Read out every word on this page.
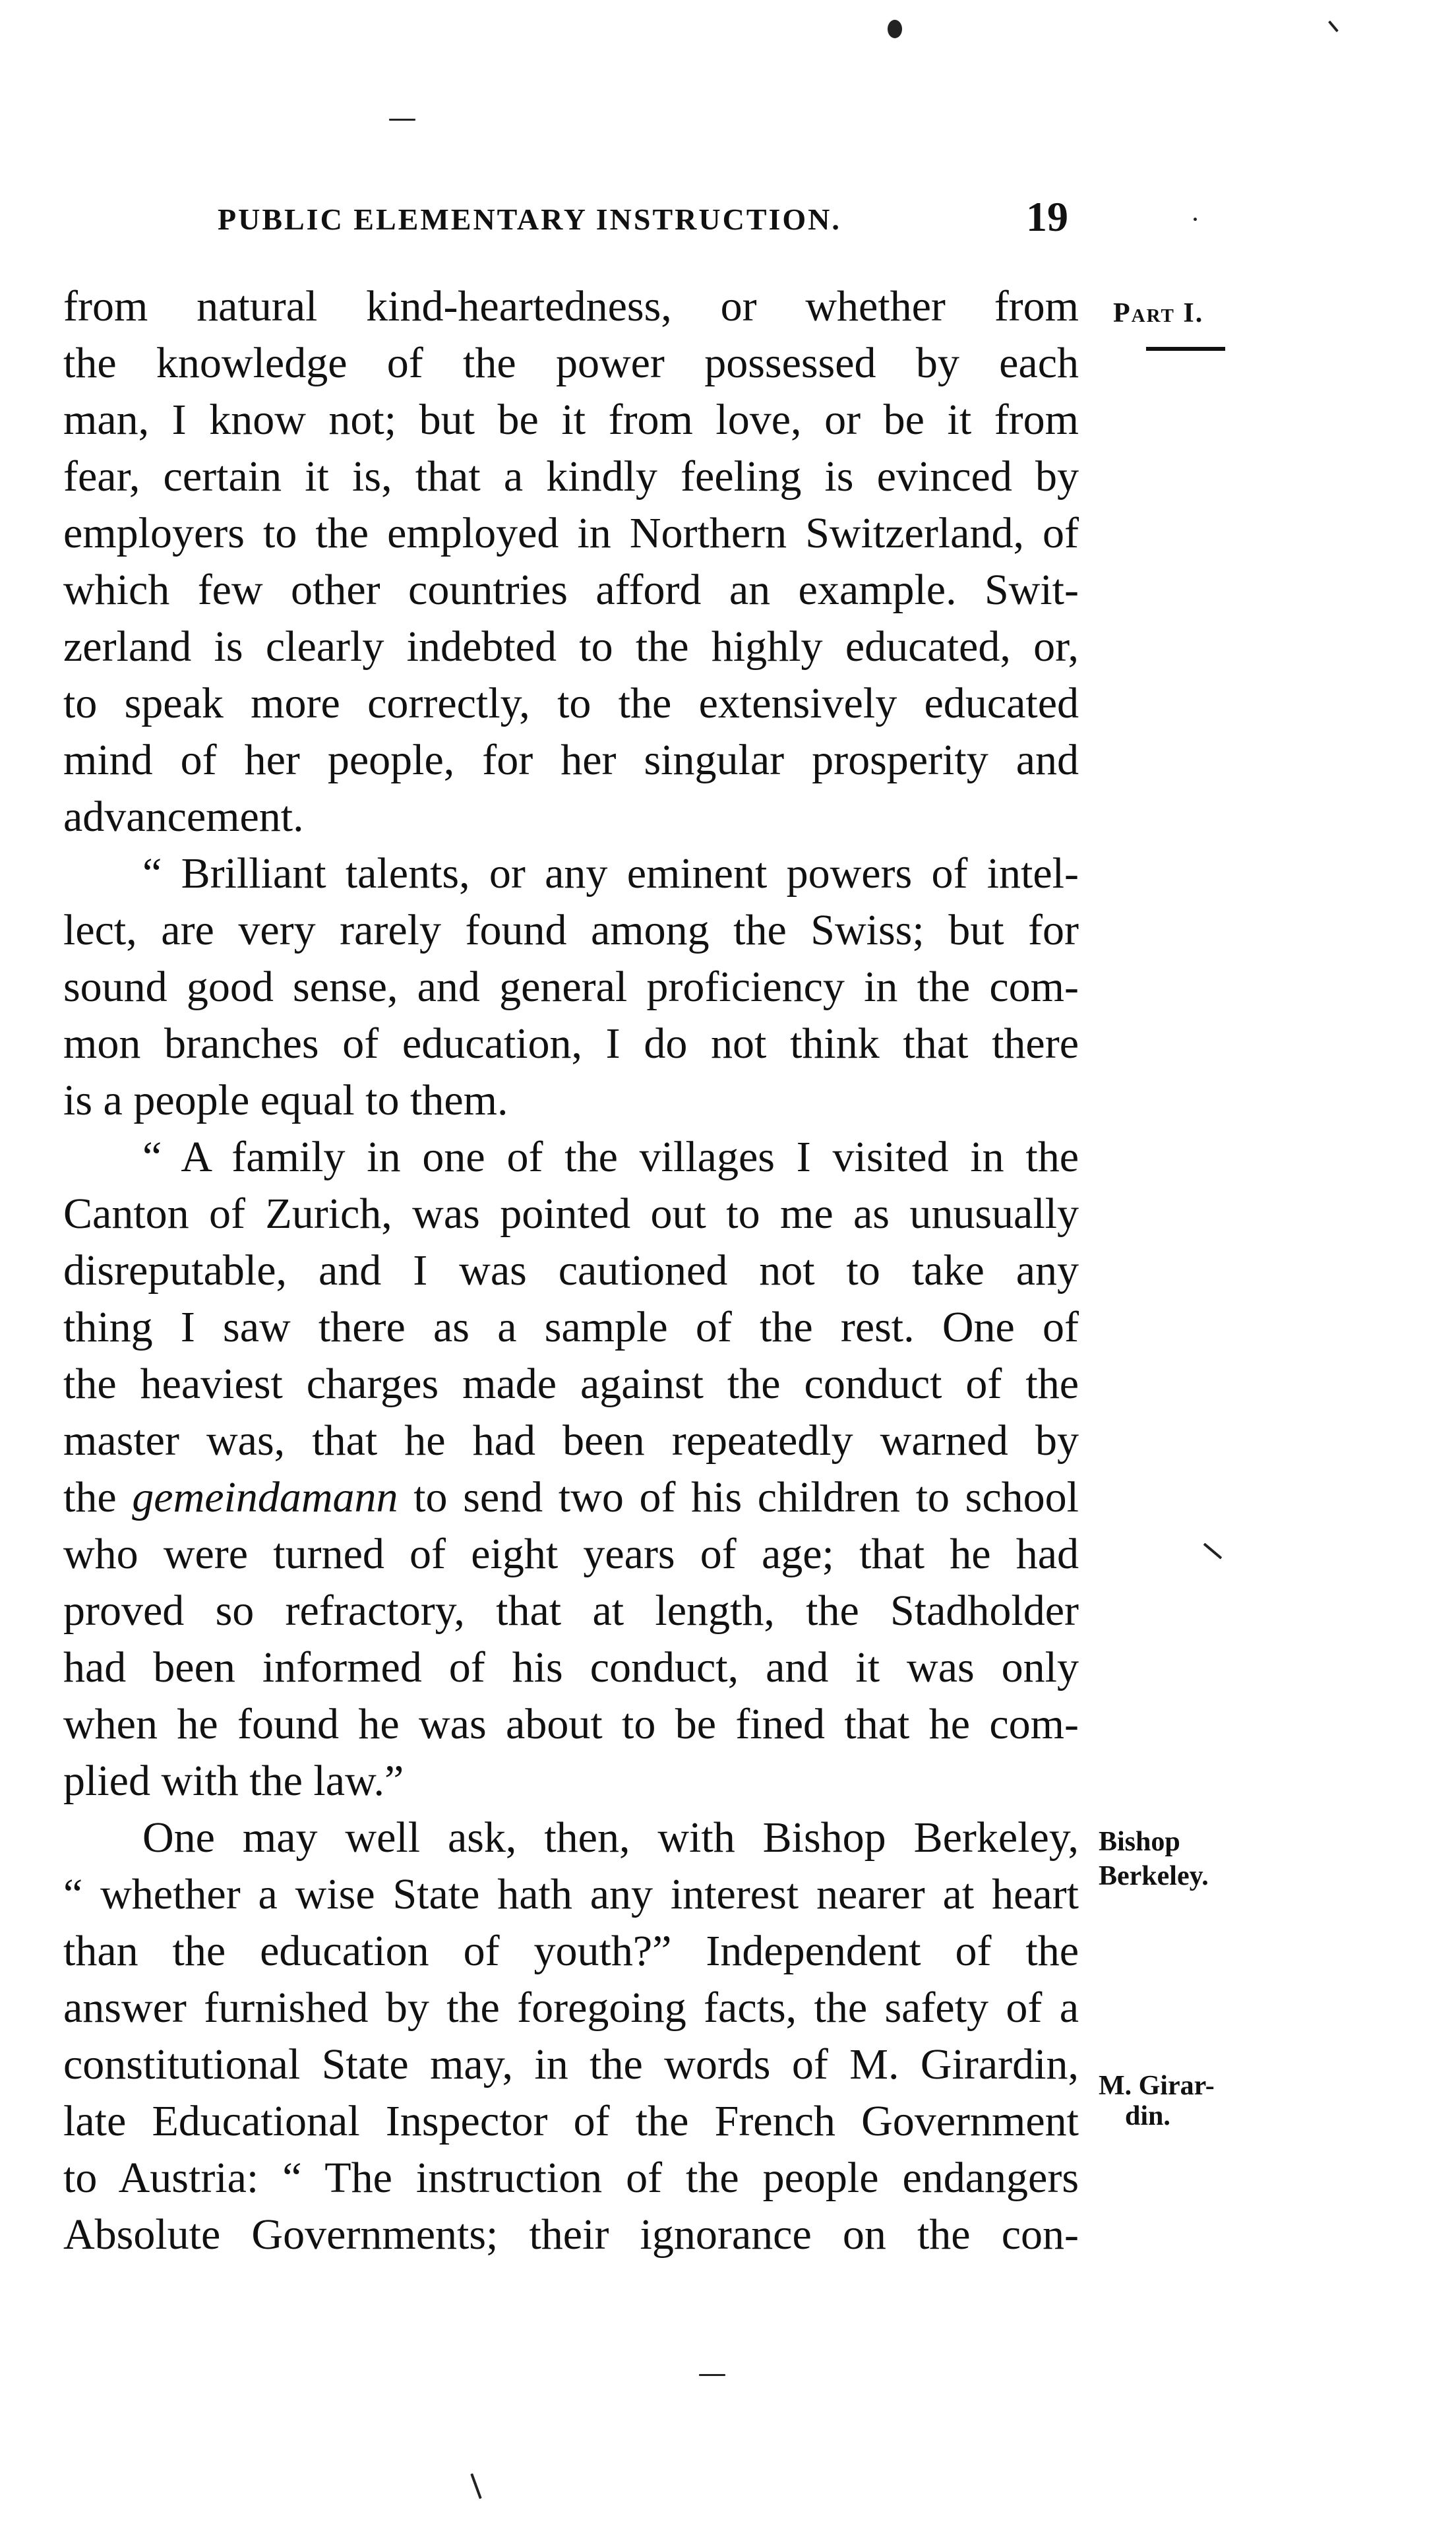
PUBLIC ELEMENTARY INSTRUCTION.	19
Part I.
Bishop
Berkeley.
M. Girar-
din.
from natural kind-heartedness, or whether from
the knowledge of the power possessed by each
man, I know not; but be it from love, or be it from
fear, certain it is, that a kindly feeling is evinced by
employers to the employed in Northern Switzerland, of
which few other countries afford an example. Swit-
zerland is clearly indebted to the highly educated, or,
to speak more correctly, to the extensively educated
mind of her people, for her singular prosperity and
advancement.
“ Brilliant talents, or any eminent powers of intel-
lect, are very rarely found among the Swiss; but for
sound good sense, and general proficiency in the com-
mon branches of education, I do not think that there
is a people equal to them.
“ A family in one of the villages I visited in the
Canton of Zurich, was pointed out to me as unusually
disreputable, and I was cautioned not to take any
thing I saw there as a sample of the rest. One of
the heaviest charges made against the conduct of the
master was, that he had been repeatedly warned by
the gemeindamann to send two of his children to school
who were turned of eight years of age; that he had
proved so refractory, that at length, the Stadholder
had been informed of his conduct, and it was only
when he found he was about to be fined that he com-
plied with the law.”
One may well ask, then, with Bishop Berkeley,
“ whether a wise State hath any interest nearer at heart
than the education of youth?” Independent of the
answer furnished by the foregoing facts, the safety of a
constitutional State may, in the words of M. Girardin,
late Educational Inspector of the French Government
to Austria: “ The instruction of the people endangers
Absolute Governments; their ignorance on the con-
